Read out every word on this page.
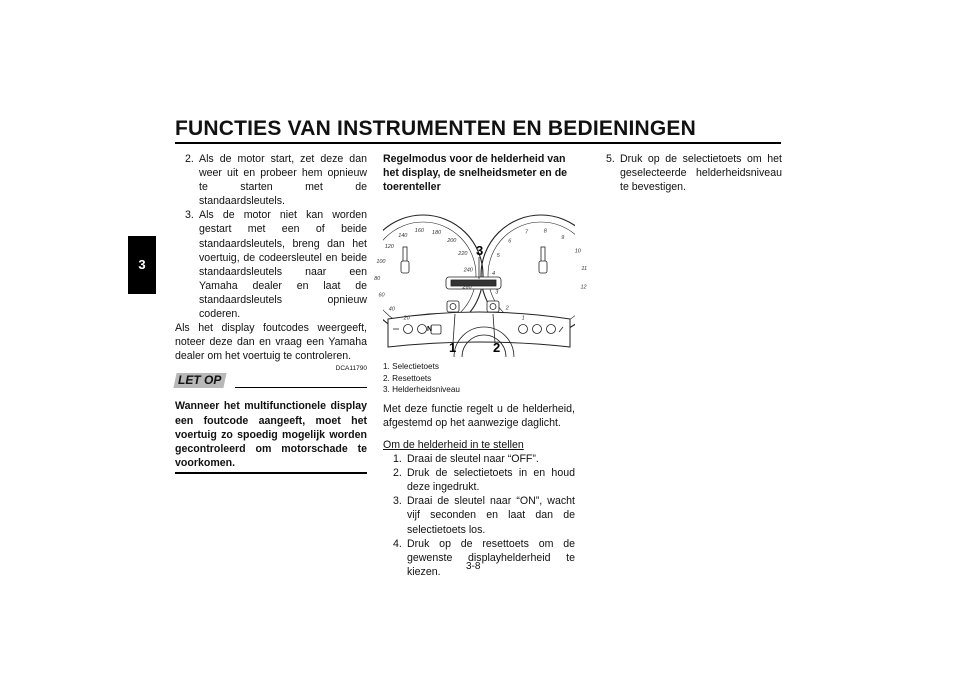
FUNCTIES VAN INSTRUMENTEN EN BEDIENINGEN
3

2. Als de motor start, zet deze dan weer uit en probeer hem opnieuw te starten met de standaardsleutels.

3. Als de motor niet kan worden gestart met een of beide standaardsleutels, breng dan het voertuig, de codeersleutel en beide standaardsleutels naar een Yamaha dealer en laat de standaardsleutels opnieuw coderen.

Als het display foutcodes weergeeft, noteer deze dan en vraag een Yamaha dealer om het voertuig te controleren.

DCA11790

LET OP

Wanneer het multifunctionele display een foutcode aangeeft, moet het voertuig zo spoedig mogelijk worden gecontroleerd om motorschade te voorkomen.

Regelmodus voor de helderheid van het display, de snelheidsmeter en de toerenteller

20
40
60
80
100
120
140
160 180
200
220
240
260
1
2
3
4
5
6
7	8
9
10
11
12
N
3
1	2
1. Selectietoets
2. Resettoets
3. Helderheidsniveau

Met deze functie regelt u de helderheid, afgestemd op het aanwezige daglicht.

Om de helderheid in te stellen

1. Draai de sleutel naar “OFF”.

2. Druk de selectietoets in en houd deze ingedrukt.

3. Draai de sleutel naar “ON”, wacht vijf seconden en laat dan de selectietoets los.

4. Druk op de resettoets om de gewenste displayhelderheid te kiezen.

5. Druk op de selectietoets om het geselecteerde helderheidsniveau te bevestigen.

3-8
